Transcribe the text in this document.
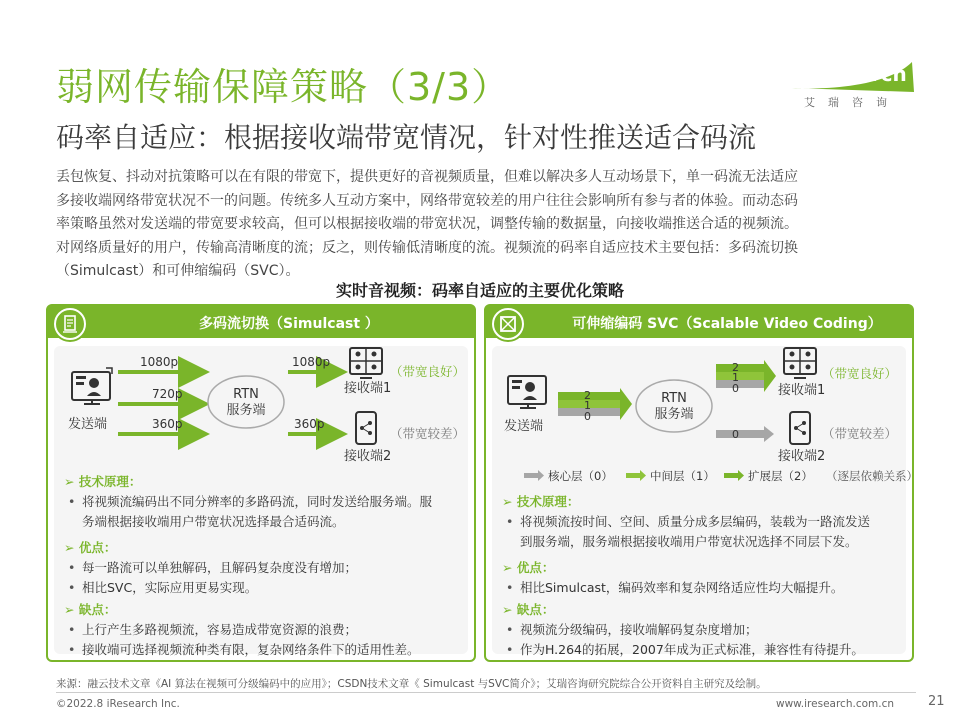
弱网传输保障策略（3/3）
码率自适应：根据接收端带宽情况，针对性推送适合码流
iResearch
艾瑞咨询

丢包恢复、抖动对抗策略可以在有限的带宽下，提供更好的音视频质量，但难以解决多人互动场景下，单一码流无法适应

多接收端网络带宽状况不一的问题。传统多人互动方案中，网络带宽较差的用户往往会影响所有参与者的体验。而动态码

率策略虽然对发送端的带宽要求较高，但可以根据接收端的带宽状况，调整传输的数据量，向接收端推送合适的视频流。

对网络质量好的用户，传输高清晰度的流；反之，则传输低清晰度的流。视频流的码率自适应技术主要包括：多码流切换

（Simulcast）和可伸缩编码（SVC）。

实时音视频：码率自适应的主要优化策略
多码流切换（Simulcast ）
发送端
1080p
720p
360p
RTN
服务端
1080p
360p
接收端1
（带宽良好）
接收端2
（带宽较差）
➢ 技术原理：
• 将视频流编码出不同分辨率的多路码流，同时发送给服务端。服
务端根据接收端用户带宽状况选择最合适码流。
➢ 优点：
• 每一路流可以单独解码，且解码复杂度没有增加；
• 相比SVC，实际应用更易实现。
➢ 缺点：
• 上行产生多路视频流，容易造成带宽资源的浪费；
• 接收端可选择视频流种类有限，复杂网络条件下的适用性差。
可伸缩编码 SVC（Scalable Video Coding）
发送端
2
1
0
RTN
服务端
2
1
0
0
接收端1
（带宽良好）
接收端2
（带宽较差）
核心层（0）	中间层（1）	扩展层（2） （逐层依赖关系）
➢ 技术原理：
• 将视频流按时间、空间、质量分成多层编码，装载为一路流发送
到服务端，服务端根据接收端用户带宽状况选择不同层下发。
➢ 优点：
• 相比Simulcast，编码效率和复杂网络适应性均大幅提升。
➢ 缺点：
• 视频流分级编码，接收端解码复杂度增加；
• 作为H.264的拓展，2007年成为正式标准，兼容性有待提升。
来源：融云技术文章《AI 算法在视频可分级编码中的应用》；CSDN技术文章《 Simulcast 与SVC简介》；艾瑞咨询研究院综合公开资料自主研究及绘制。
©2022.8 iResearch Inc.	www.iresearch.com.cn	21
